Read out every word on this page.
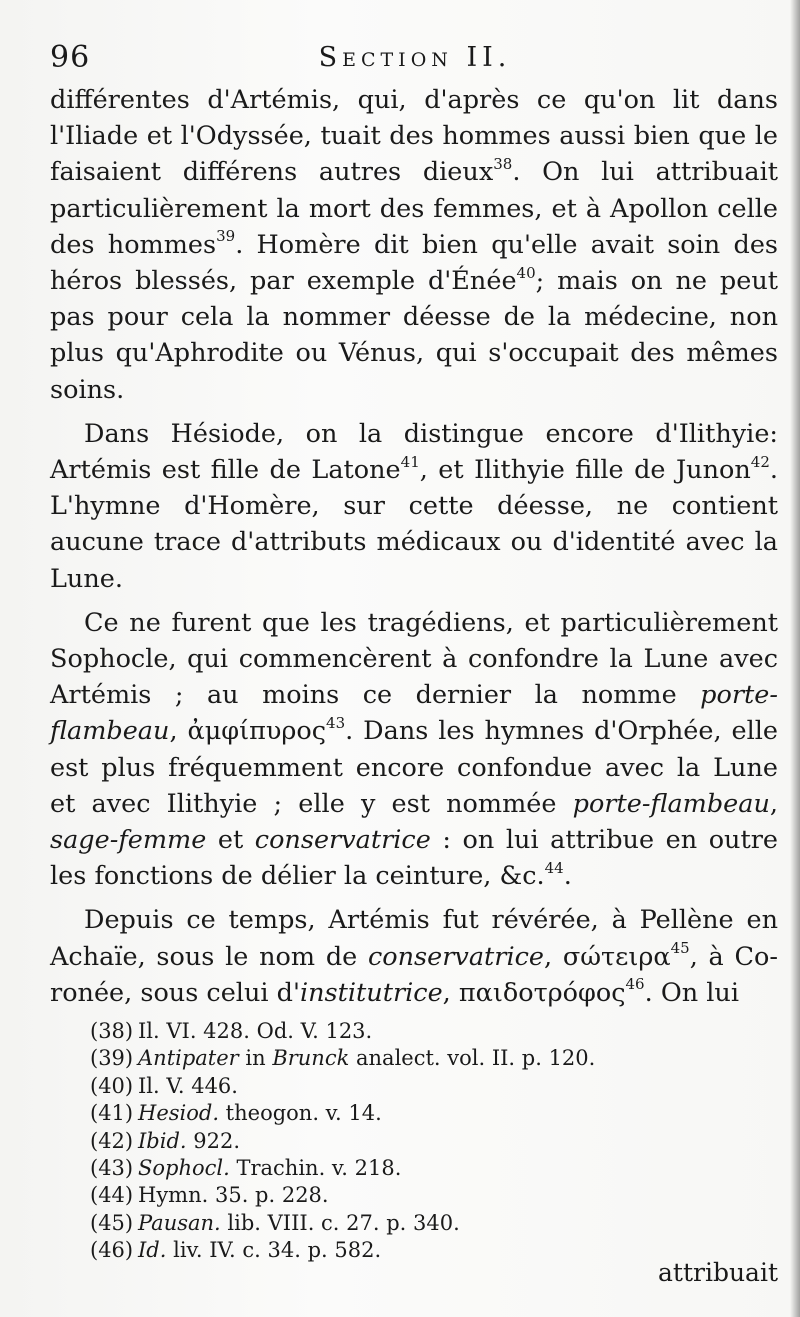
96	Section II.

différentes d'Artémis, qui, d'après ce qu'on lit dans l'Iliade et l'Odyssée, tuait des hommes aussi bien que le faisaient différens autres dieux$^{38}$. On lui attribuait particulièrement la mort des femmes, et à Apollon celle des hommes$^{39}$. Homère dit bien qu'elle avait soin des héros blessés, par exemple d'Énée$^{40}$; mais on ne peut pas pour cela la nommer déesse de la médecine, non plus qu'Aphrodite ou Vénus, qui s'occupait des mêmes soins.

Dans Hésiode, on la distingue encore d'Ilithyie: Artémis est fille de Latone$^{41}$, et Ilithyie fille de Junon$^{42}$. L'hymne d'Homère, sur cette déesse, ne contient aucune trace d'attributs médicaux ou d'identité avec la Lune.

Ce ne furent que les tragédiens, et particulièrement Sophocle, qui commencèrent à confondre la Lune avec Artémis ; au moins ce dernier la nomme porte-flambeau, ἀμφίπυρος$^{43}$. Dans les hymnes d'Orphée, elle est plus fréquemment encore confondue avec la Lune et avec Ilithyie ; elle y est nommée porte-flambeau, sage-femme et conservatrice : on lui attribue en outre les fonctions de délier la ceinture, &c.$^{44}$.

Depuis ce temps, Artémis fut révérée, à Pellène en Achaïe, sous le nom de conservatrice, σώτειρα$^{45}$, à Coronée, sous celui d'institutrice, παιδοτρόφος$^{46}$. On lui

(38) Il. VI. 428. Od. V. 123.
(39) Antipater in Brunck analect. vol. II. p. 120.
(40) Il. V. 446.
(41) Hesiod. theogon. v. 14.
(42) Ibid. 922.
(43) Sophocl. Trachin. v. 218.
(44) Hymn. 35. p. 228.
(45) Pausan. lib. VIII. c. 27. p. 340.
(46) Id. liv. IV. c. 34. p. 582.
attribuait
